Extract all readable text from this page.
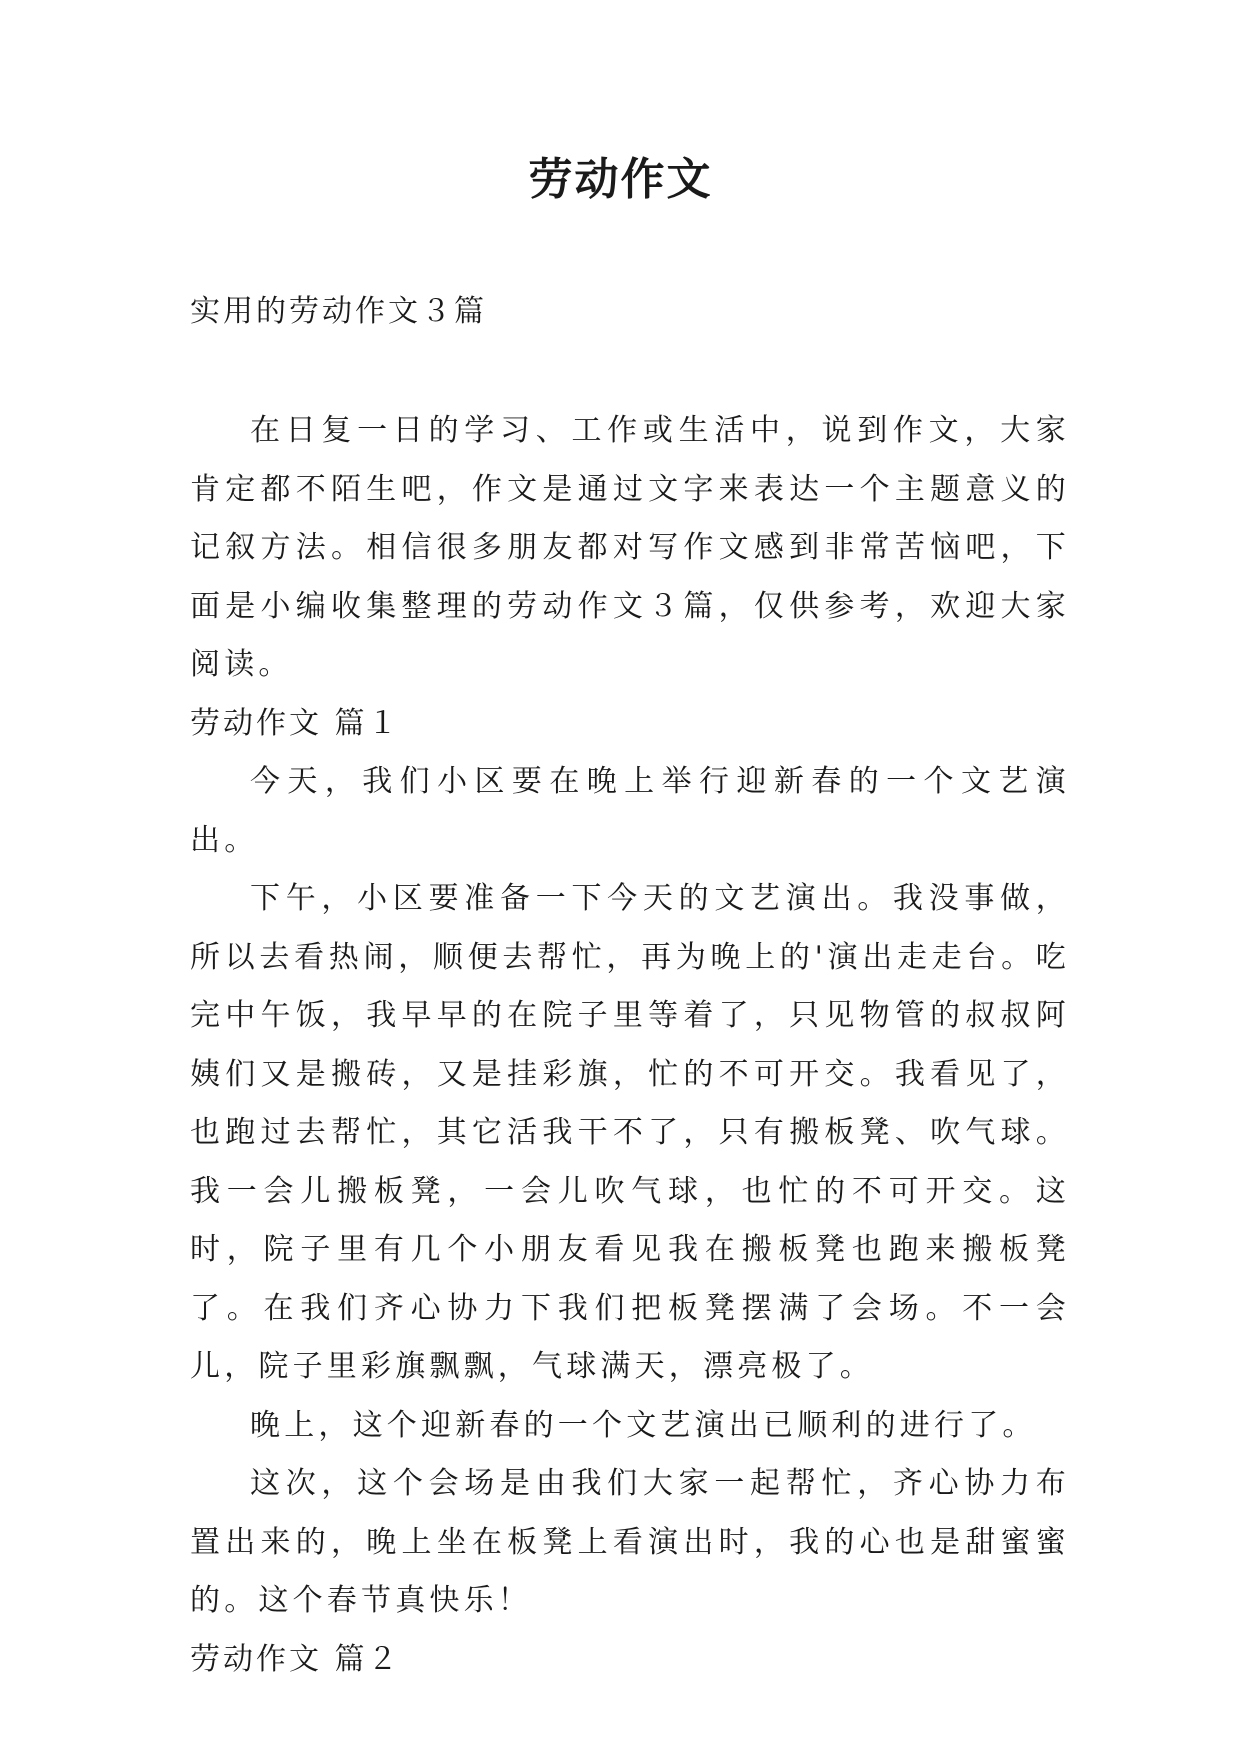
劳动作文
实用的劳动作文３篇

在日复一日的学习、工作或生活中，说到作文，大家肯定都不陌生吧，作文是通过文字来表达一个主题意义的记叙方法。相信很多朋友都对写作文感到非常苦恼吧，下面是小编收集整理的劳动作文３篇，仅供参考，欢迎大家阅读。

劳动作文 篇１

今天，我们小区要在晚上举行迎新春的一个文艺演出。

下午，小区要准备一下今天的文艺演出。我没事做，所以去看热闹，顺便去帮忙，再为晚上的'演出走走台。吃完中午饭，我早早的在院子里等着了，只见物管的叔叔阿姨们又是搬砖，又是挂彩旗，忙的不可开交。我看见了，也跑过去帮忙，其它活我干不了，只有搬板凳、吹气球。我一会儿搬板凳，一会儿吹气球，也忙的不可开交。这时，院子里有几个小朋友看见我在搬板凳也跑来搬板凳了。在我们齐心协力下我们把板凳摆满了会场。不一会儿，院子里彩旗飘飘，气球满天，漂亮极了。

晚上，这个迎新春的一个文艺演出已顺利的进行了。

这次，这个会场是由我们大家一起帮忙，齐心协力布置出来的，晚上坐在板凳上看演出时，我的心也是甜蜜蜜的。这个春节真快乐！

劳动作文 篇２
